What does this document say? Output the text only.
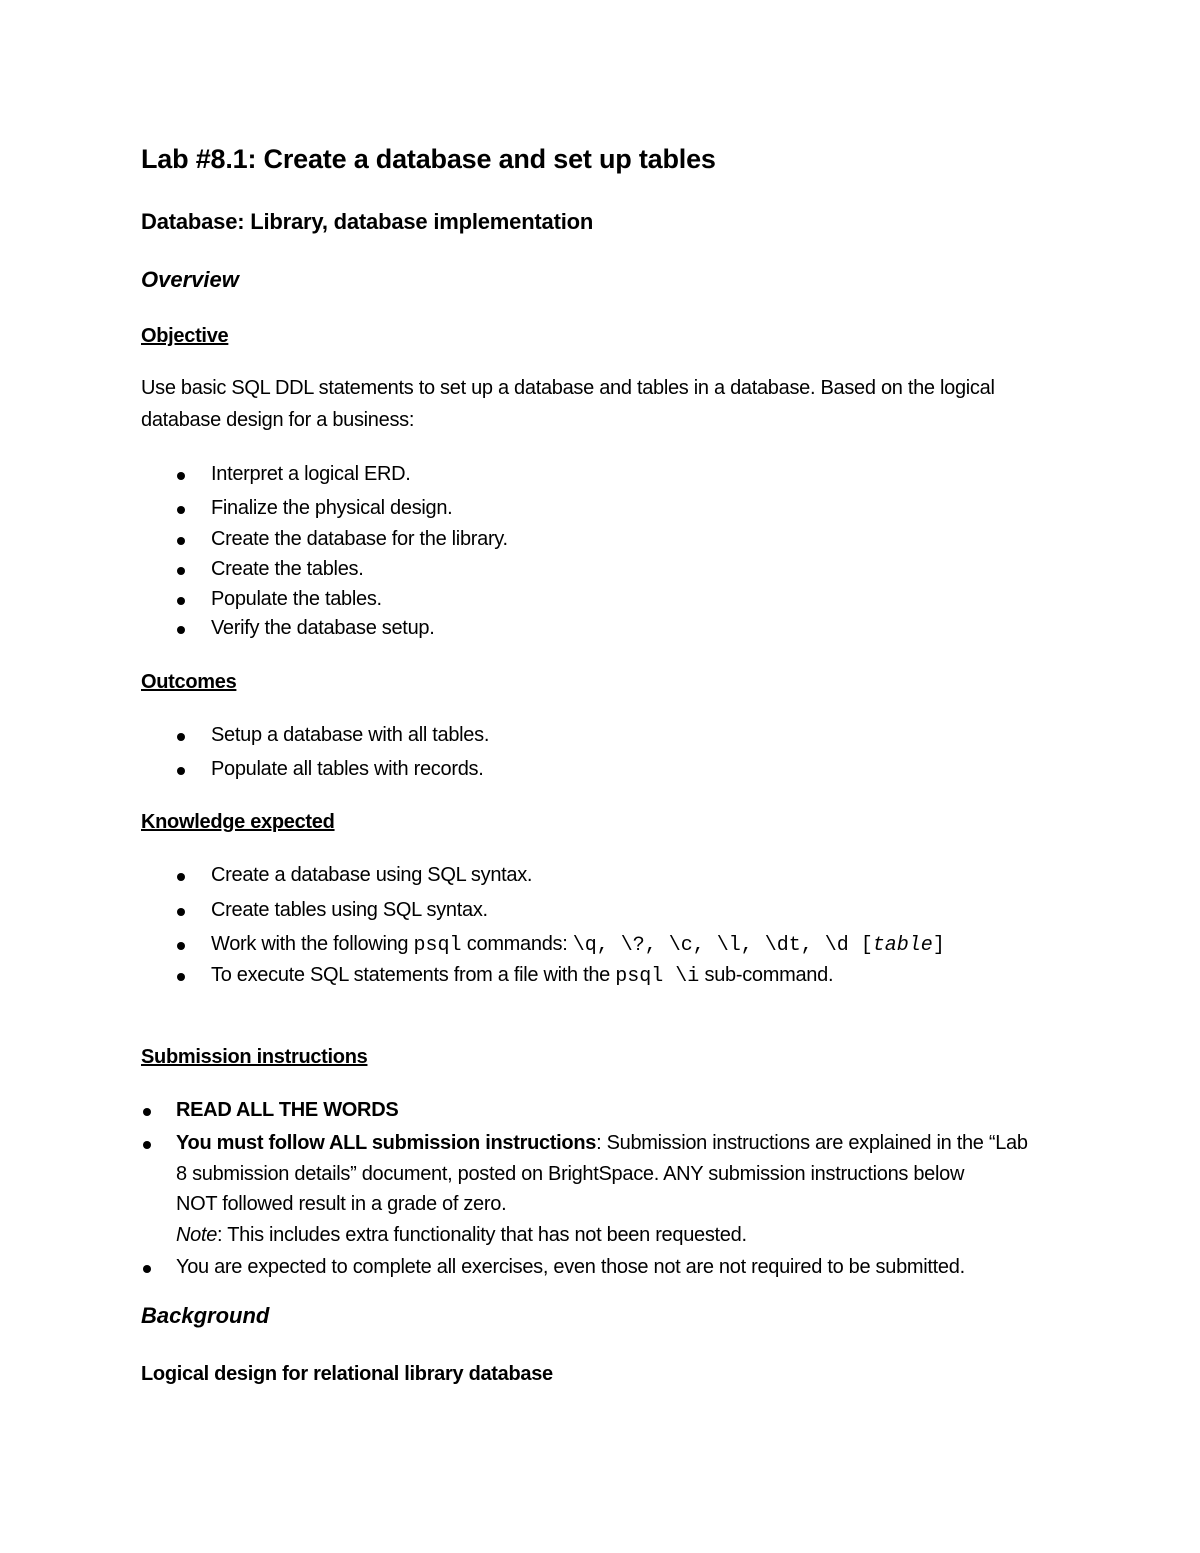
Lab #8.1: Create a database and set up tables
Database: Library, database implementation
Overview
Objective
Use basic SQL DDL statements to set up a database and tables in a database. Based on the logical
database design for a business:
Interpret a logical ERD.
Finalize the physical design.
Create the database for the library.
Create the tables.
Populate the tables.
Verify the database setup.
Outcomes
Setup a database with all tables.
Populate all tables with records.
Knowledge expected
Create a database using SQL syntax.
Create tables using SQL syntax.
Work with the following psql commands: \q, \?, \c, \l, \dt, \d [table]
To execute SQL statements from a file with the psql \i sub-command.
Submission instructions
READ ALL THE WORDS
You must follow ALL submission instructions: Submission instructions are explained in the “Lab
8 submission details” document, posted on BrightSpace. ANY submission instructions below
NOT followed result in a grade of zero.
Note: This includes extra functionality that has not been requested.
You are expected to complete all exercises, even those not are not required to be submitted.
Background
Logical design for relational library database
